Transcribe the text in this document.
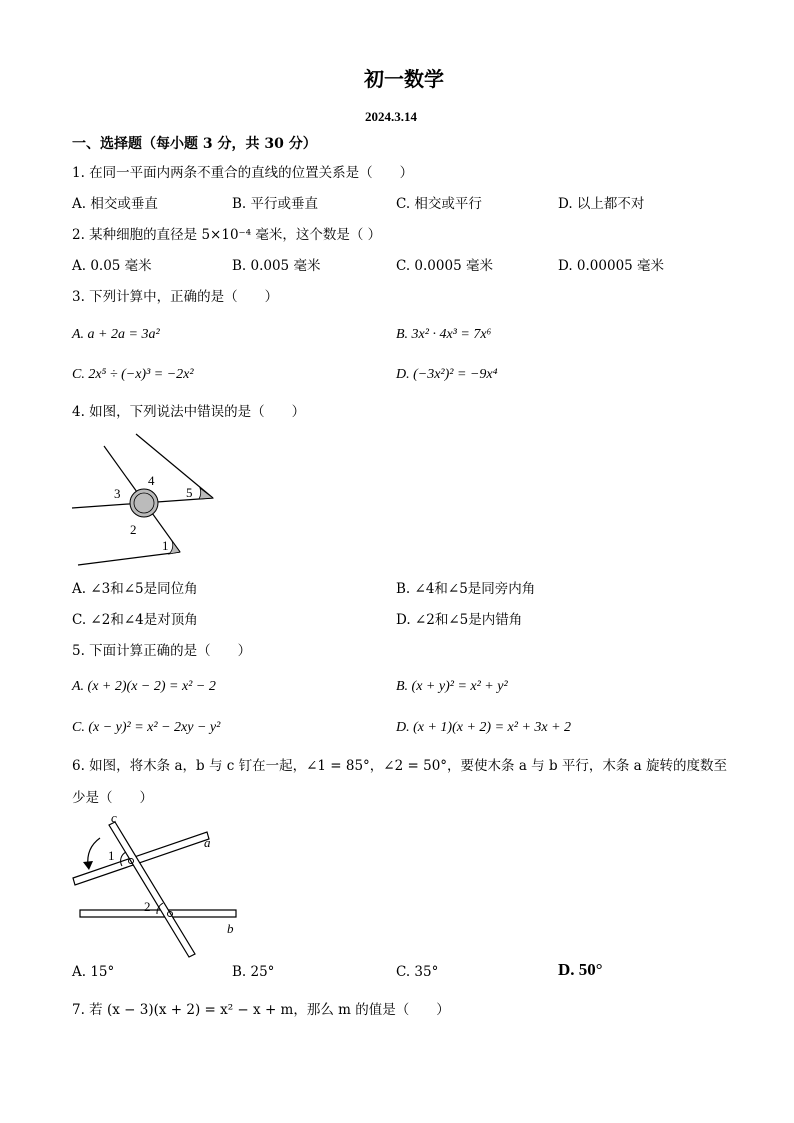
初一数学
2024.3.14
一、选择题（每小题 3 分，共 30 分）
1. 在同一平面内两条不重合的直线的位置关系是（　　）
A. 相交或垂直	B. 平行或垂直	C. 相交或平行	D. 以上都不对
2. 某种细胞的直径是 5×10⁻⁴ 毫米，这个数是（ ）
A. 0.05 毫米	B. 0.005 毫米	C. 0.0005 毫米	D. 0.00005 毫米
3. 下列计算中，正确的是（　　）
A. a + 2a = 3a²	B. 3x² · 4x³ = 7x⁶
C. 2x⁵ ÷ (−x)³ = −2x²	D. (−3x²)² = −9x⁴
4. 如图，下列说法中错误的是（　　）
1
2
3
4
5
A. ∠3和∠5是同位角	B. ∠4和∠5是同旁内角
C. ∠2和∠4是对顶角	D. ∠2和∠5是内错角
5. 下面计算正确的是（　　）
A. (x + 2)(x − 2) = x² − 2	B. (x + y)² = x² + y²
C. (x − y)² = x² − 2xy − y²	D. (x + 1)(x + 2) = x² + 3x + 2
6. 如图，将木条 a，b 与 c 钉在一起，∠1 = 85°，∠2 = 50°，要使木条 a 与 b 平行，木条 a 旋转的度数至
少是（　　）
c
a
b
1
2
A. 15°	B. 25°	C. 35°	D. 50°
7. 若 (x − 3)(x + 2) = x² − x + m，那么 m 的值是（　　）
